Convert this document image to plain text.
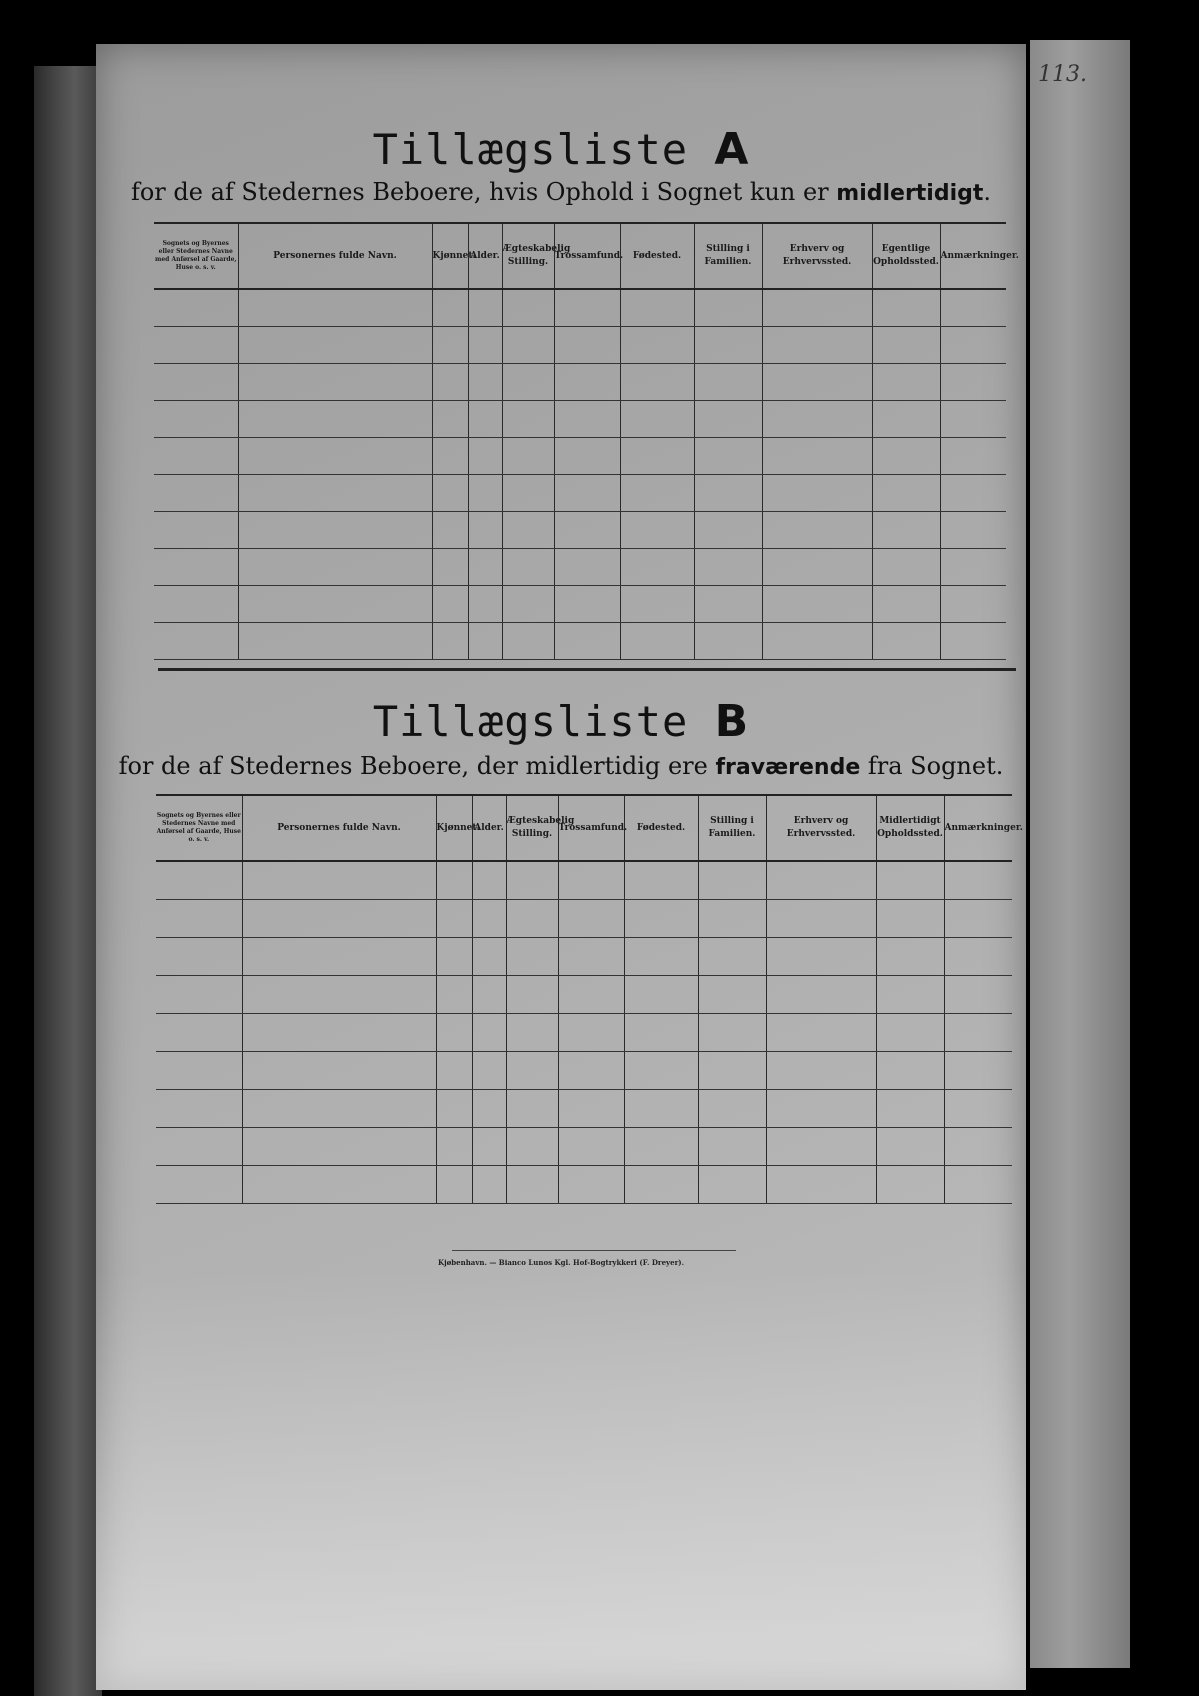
113.
Tillægsliste A
for de af Stedernes Beboere, hvis Ophold i Sognet kun er midlertidigt.
Sognets og Byernes eller Stedernes Navne med Anførsel af Gaarde, Huse o. s. v.	Personernes fulde Navn.	Kjønnet.	Alder.	Ægteskabelig Stilling.	Trossamfund.	Fødested.	Stilling i Familien.	Erhverv og Erhvervssted.	Egentlige Opholdssted.	Anmærkninger.

Tillægsliste B
for de af Stedernes Beboere, der midlertidig ere fraværende fra Sognet.
Sognets og Byernes eller Stedernes Navne med Anførsel af Gaarde, Huse o. s. v.	Personernes fulde Navn.	Kjønnet.	Alder.	Ægteskabelig Stilling.	Trossamfund.	Fødested.	Stilling i Familien.	Erhverv og Erhvervssted.	Midlertidigt Opholdssted.	Anmærkninger.

Kjøbenhavn. — Bianco Lunos Kgl. Hof-Bogtrykkeri (F. Dreyer).
